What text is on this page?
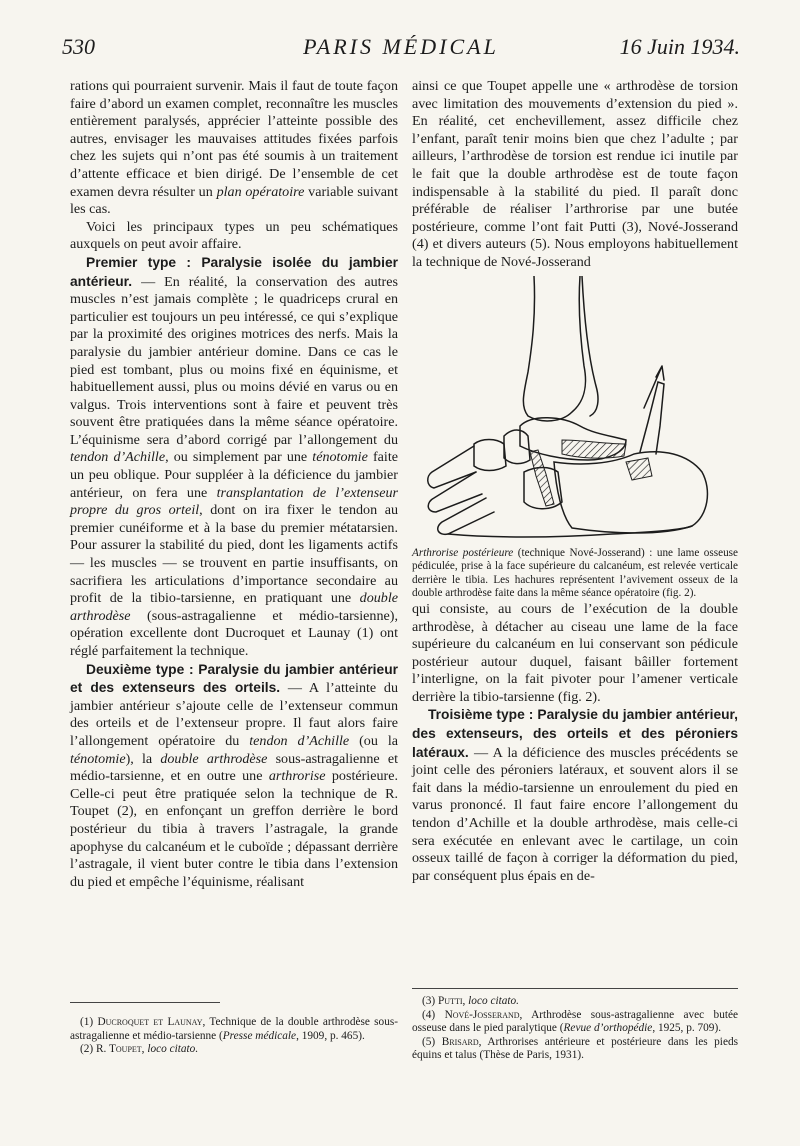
530	PARIS MÉDICAL	16 Juin 1934.

rations qui pourraient survenir. Mais il faut de toute façon faire d’abord un examen complet, reconnaître les muscles entièrement paralysés, apprécier l’atteinte possible des autres, envisager les mauvaises attitudes fixées parfois chez les sujets qui n’ont pas été soumis à un traitement d’attente efficace et bien dirigé. De l’ensemble de cet examen devra résulter un plan opératoire variable suivant les cas.

Voici les principaux types un peu schématiques auxquels on peut avoir affaire.

Premier type : Paralysie isolée du jambier antérieur. — En réalité, la conservation des autres muscles n’est jamais complète ; le quadriceps crural en particulier est toujours un peu intéressé, ce qui s’explique par la proximité des origines motrices des nerfs. Mais la paralysie du jambier antérieur domine. Dans ce cas le pied est tombant, plus ou moins fixé en équinisme, et habituellement aussi, plus ou moins dévié en varus ou en valgus. Trois interventions sont à faire et peuvent très souvent être pratiquées dans la même séance opératoire. L’équinisme sera d’abord corrigé par l’allongement du tendon d’Achille, ou simplement par une ténotomie faite un peu oblique. Pour suppléer à la déficience du jambier antérieur, on fera une transplantation de l’extenseur propre du gros orteil, dont on ira fixer le tendon au premier cunéiforme et à la base du premier métatarsien. Pour assurer la stabilité du pied, dont les ligaments actifs — les muscles — se trouvent en partie insuffisants, on sacrifiera les articulations d’importance secondaire au profit de la tibio-tarsienne, en pratiquant une double arthrodèse (sous-astragalienne et médio-tarsienne), opération excellente dont Ducroquet et Launay (1) ont réglé parfaitement la technique.

Deuxième type : Paralysie du jambier antérieur et des extenseurs des orteils. — A l’atteinte du jambier antérieur s’ajoute celle de l’extenseur commun des orteils et de l’extenseur propre. Il faut alors faire l’allongement opératoire du tendon d’Achille (ou la ténotomie), la double arthrodèse sous-astragalienne et médio-tarsienne, et en outre une arthrorise postérieure. Celle-ci peut être pratiquée selon la technique de R. Toupet (2), en enfonçant un greffon derrière le bord postérieur du tibia à travers l’astragale, la grande apophyse du calcanéum et le cuboïde ; dépassant derrière l’astragale, il vient buter contre le tibia dans l’extension du pied et empêche l’équinisme, réalisant

(1) Ducroquet et Launay, Technique de la double arthrodèse sous-astragalienne et médio-tarsienne (Presse médicale, 1909, p. 465).

(2) R. Toupet, loco citato.

ainsi ce que Toupet appelle une « arthrodèse de torsion avec limitation des mouvements d’extension du pied ». En réalité, cet enchevillement, assez difficile chez l’enfant, paraît tenir moins bien que chez l’adulte ; par ailleurs, l’arthrodèse de torsion est rendue ici inutile par le fait que la double arthrodèse est de toute façon indispensable à la stabilité du pied. Il paraît donc préférable de réaliser l’arthrorise par une butée postérieure, comme l’ont fait Putti (3), Nové-Josserand (4) et divers auteurs (5). Nous employons habituellement la technique de Nové-Josserand

Arthrorise postérieure (technique Nové-Josserand) : une lame osseuse pédiculée, prise à la face supérieure du calcanéum, est relevée verticale derrière le tibia. Les hachures représentent l’avivement osseux de la double arthrodèse faite dans la même séance opératoire (fig. 2).

qui consiste, au cours de l’exécution de la double arthrodèse, à détacher au ciseau une lame de la face supérieure du calcanéum en lui conservant son pédicule postérieur autour duquel, faisant bâiller fortement l’interligne, on la fait pivoter pour l’amener verticale derrière la tibio-tarsienne (fig. 2).

Troisième type : Paralysie du jambier antérieur, des extenseurs, des orteils et des péroniers latéraux. — A la déficience des muscles précédents se joint celle des péroniers latéraux, et souvent alors il se fait dans la médio-tarsienne un enroulement du pied en varus prononcé. Il faut faire encore l’allongement du tendon d’Achille et la double arthrodèse, mais celle-ci sera exécutée en enlevant avec le cartilage, un coin osseux taillé de façon à corriger la déformation du pied, par conséquent plus épais en de-

(3) Putti, loco citato.

(4) Nové-Josserand, Arthrodèse sous-astragalienne avec butée osseuse dans le pied paralytique (Revue d’orthopédie, 1925, p. 709).

(5) Brisard, Arthrorises antérieure et postérieure dans les pieds équins et talus (Thèse de Paris, 1931).
